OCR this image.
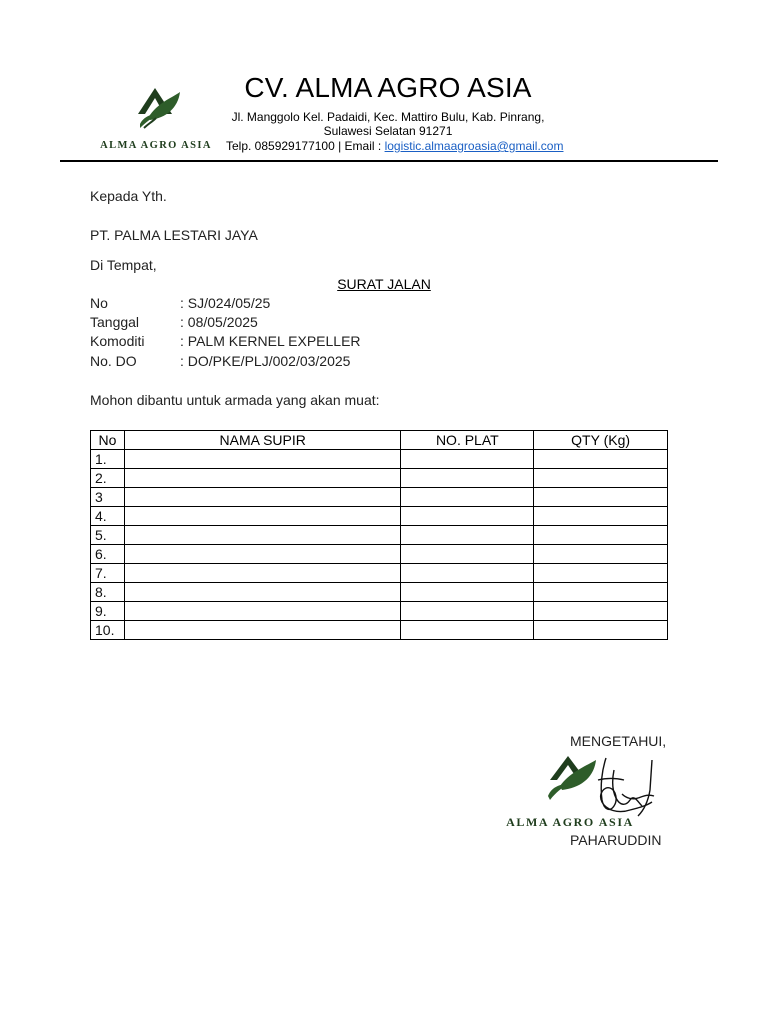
ALMA AGRO ASIA
CV. ALMA AGRO ASIA
Jl. Manggolo Kel. Padaidi, Kec. Mattiro Bulu, Kab. Pinrang,
Sulawesi Selatan 91271
Telp. 085929177100 | Email : logistic.almaagroasia@gmail.com
Kepada Yth.
PT. PALMA LESTARI JAYA
Di Tempat,
SURAT JALAN
No	: SJ/024/05/25
Tanggal	: 08/05/2025
Komoditi	: PALM KERNEL EXPELLER
No. DO	: DO/PKE/PLJ/002/03/2025
Mohon dibantu untuk armada yang akan muat:
No	NAMA SUPIR	NO. PLAT	QTY (Kg)
1.			
2.			
3			
4.			
5.			
6.			
7.			
8.			
9.			
10.			
MENGETAHUI,
ALMA AGRO ASIA
PAHARUDDIN
